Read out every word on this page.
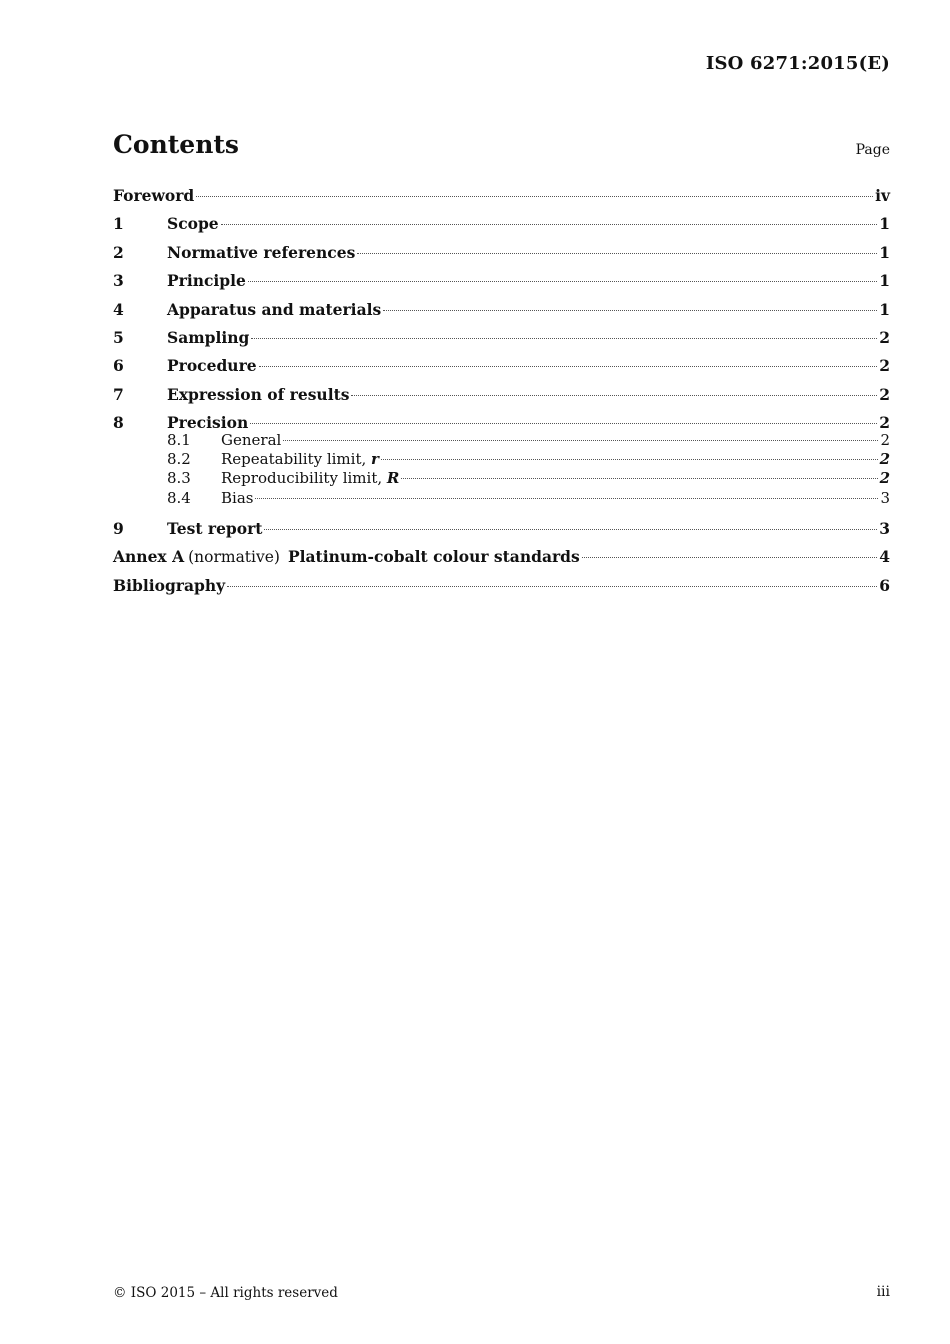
ISO 6271:2015(E)
Contents	Page
Foreword	iv
1	Scope	1
2	Normative references	1
3	Principle	1
4	Apparatus and materials	1
5	Sampling	2
6	Procedure	2
7	Expression of results	2
8	Precision	2
8.1	General	2
8.2	Repeatability limit, r	2
8.3	Reproducibility limit, R	2
8.4	Bias	3
9	Test report	3
Annex A (normative) Platinum-cobalt colour standards	4
Bibliography	6
© ISO 2015 – All rights reserved	iii
